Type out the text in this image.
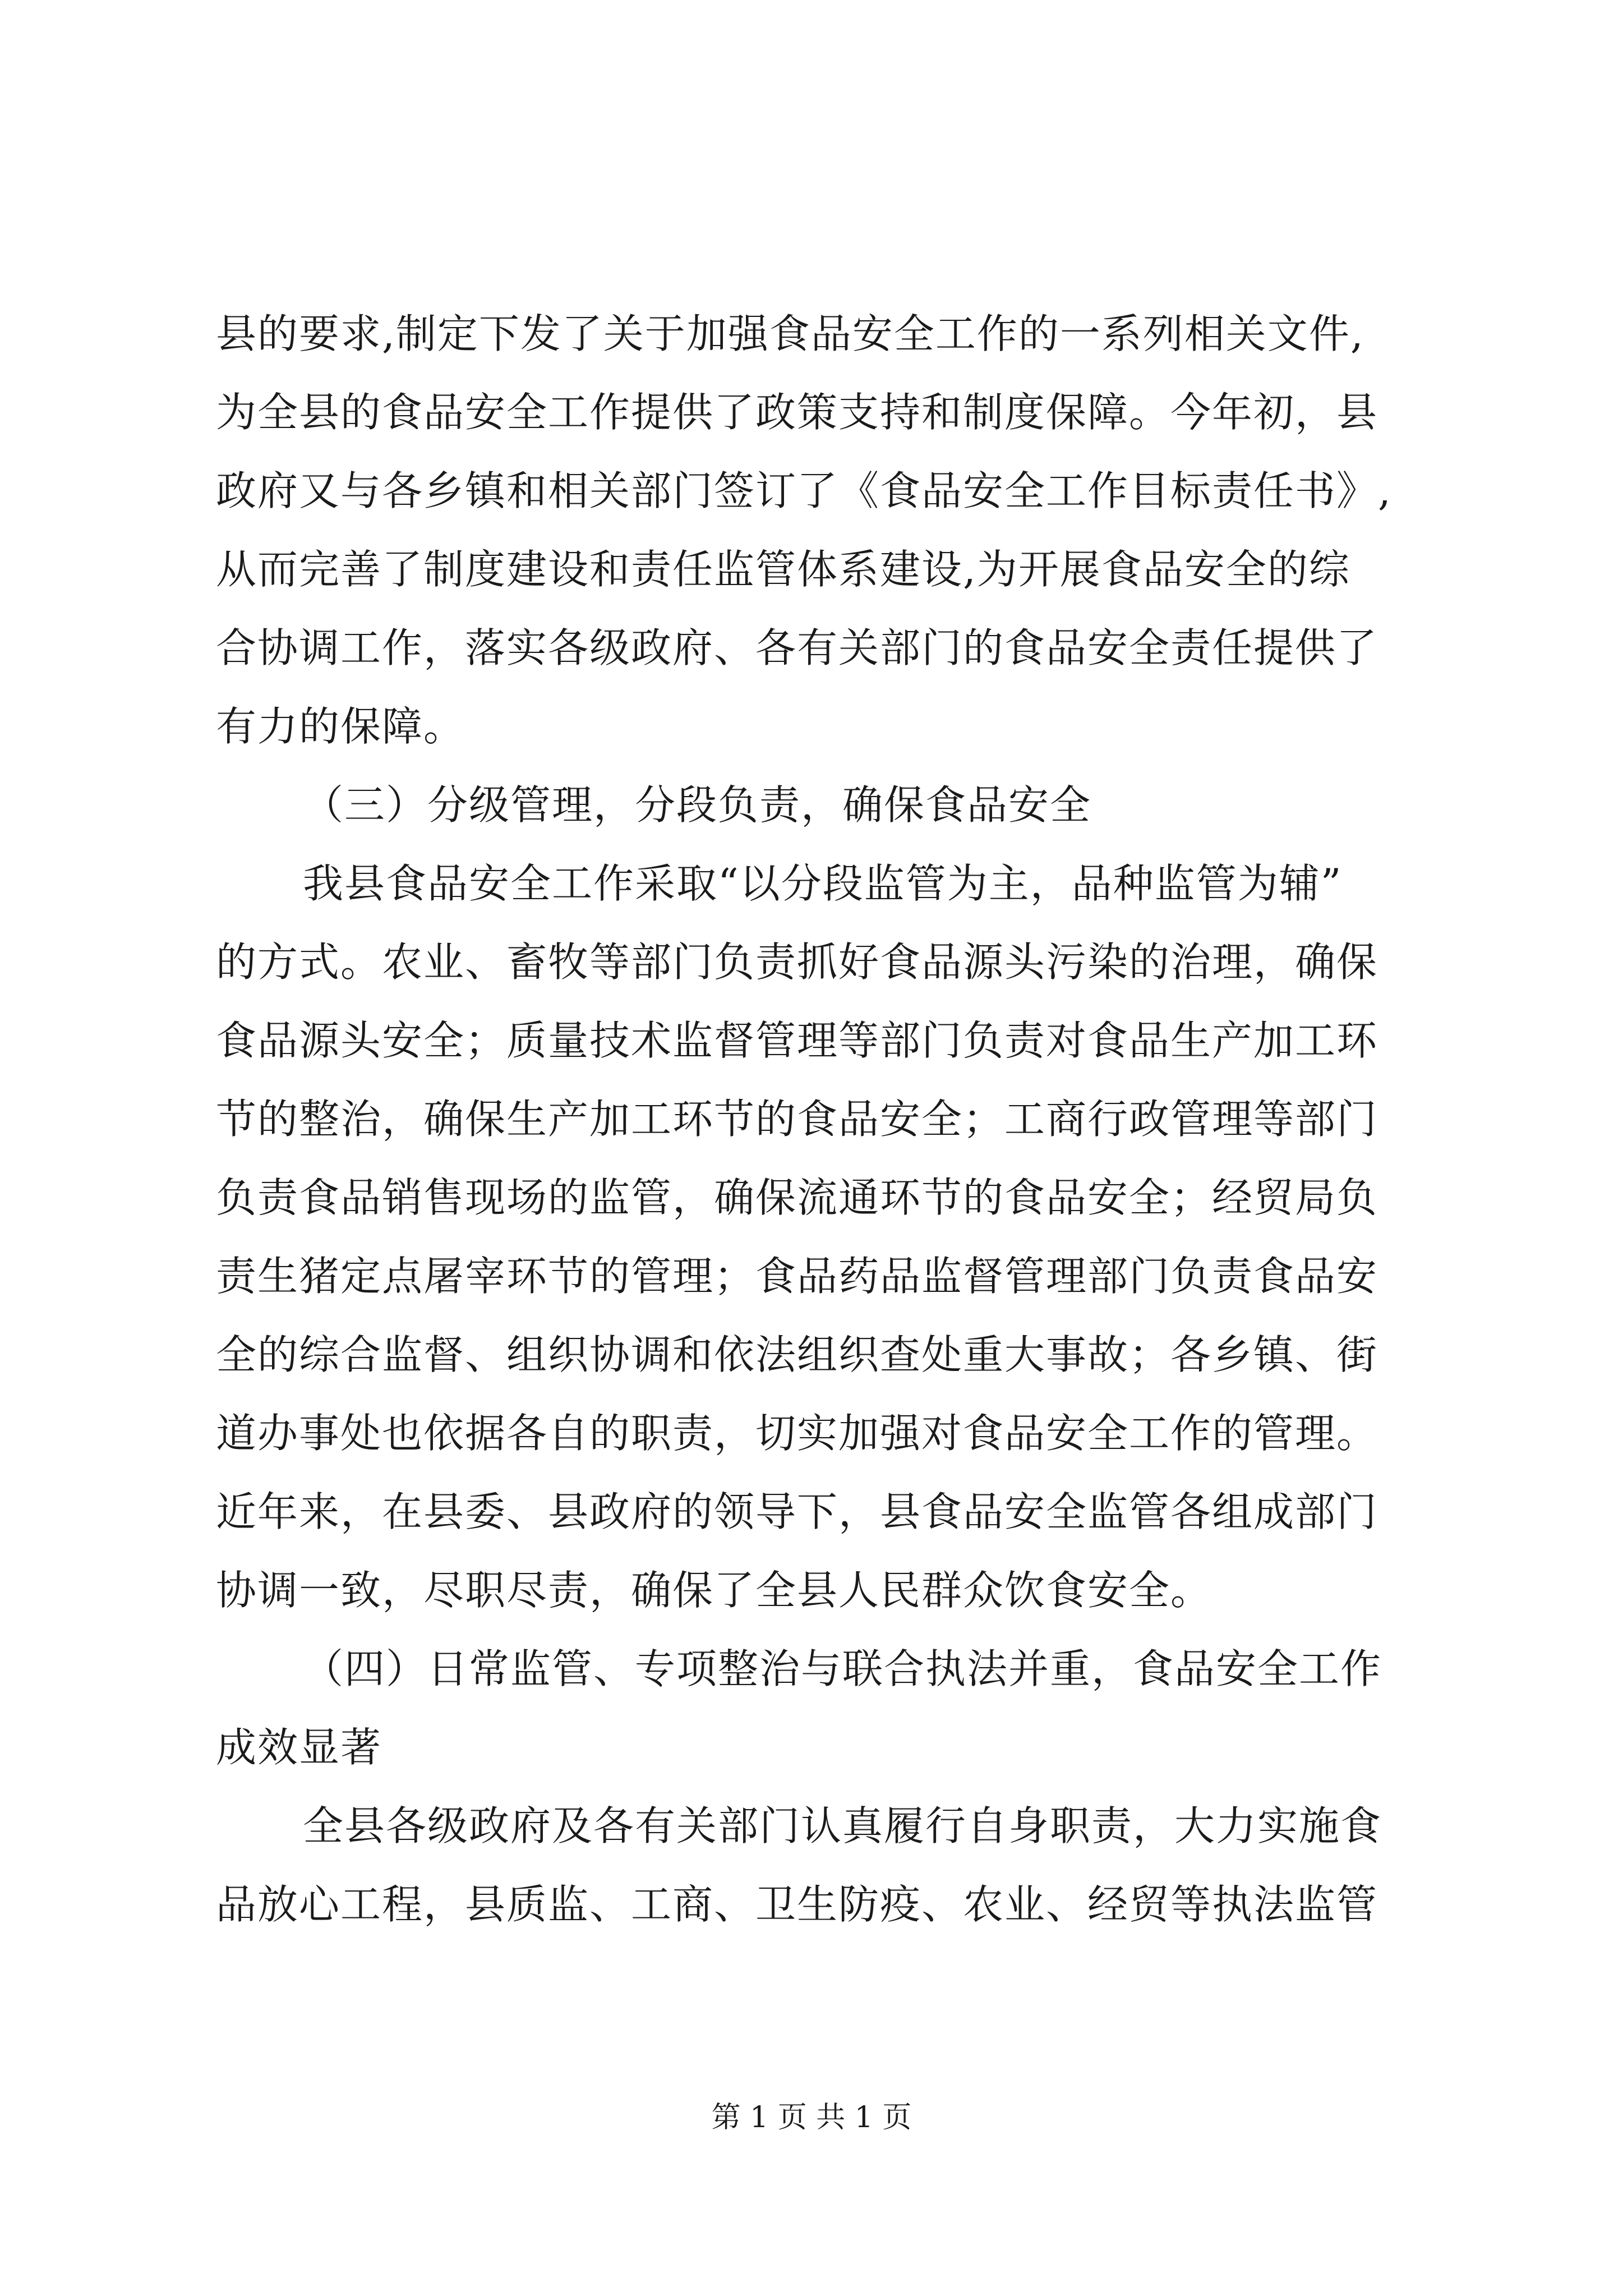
县的要求,制定下发了关于加强食品安全工作的一系列相关文件,
为全县的食品安全工作提供了政策支持和制度保障。今年初，县
政府又与各乡镇和相关部门签订了《食品安全工作目标责任书》,
从而完善了制度建设和责任监管体系建设,为开展食品安全的综
合协调工作，落实各级政府、各有关部门的食品安全责任提供了
有力的保障。
（三）分级管理，分段负责，确保食品安全
我县食品安全工作采取“以分段监管为主，品种监管为辅”
的方式。农业、畜牧等部门负责抓好食品源头污染的治理，确保
食品源头安全；质量技术监督管理等部门负责对食品生产加工环
节的整治，确保生产加工环节的食品安全；工商行政管理等部门
负责食品销售现场的监管，确保流通环节的食品安全；经贸局负
责生猪定点屠宰环节的管理；食品药品监督管理部门负责食品安
全的综合监督、组织协调和依法组织查处重大事故；各乡镇、街
道办事处也依据各自的职责，切实加强对食品安全工作的管理。
近年来，在县委、县政府的领导下，县食品安全监管各组成部门
协调一致，尽职尽责，确保了全县人民群众饮食安全。
（四）日常监管、专项整治与联合执法并重，食品安全工作
成效显著
全县各级政府及各有关部门认真履行自身职责，大力实施食
品放心工程，县质监、工商、卫生防疫、农业、经贸等执法监管
第 1 页 共 1 页
